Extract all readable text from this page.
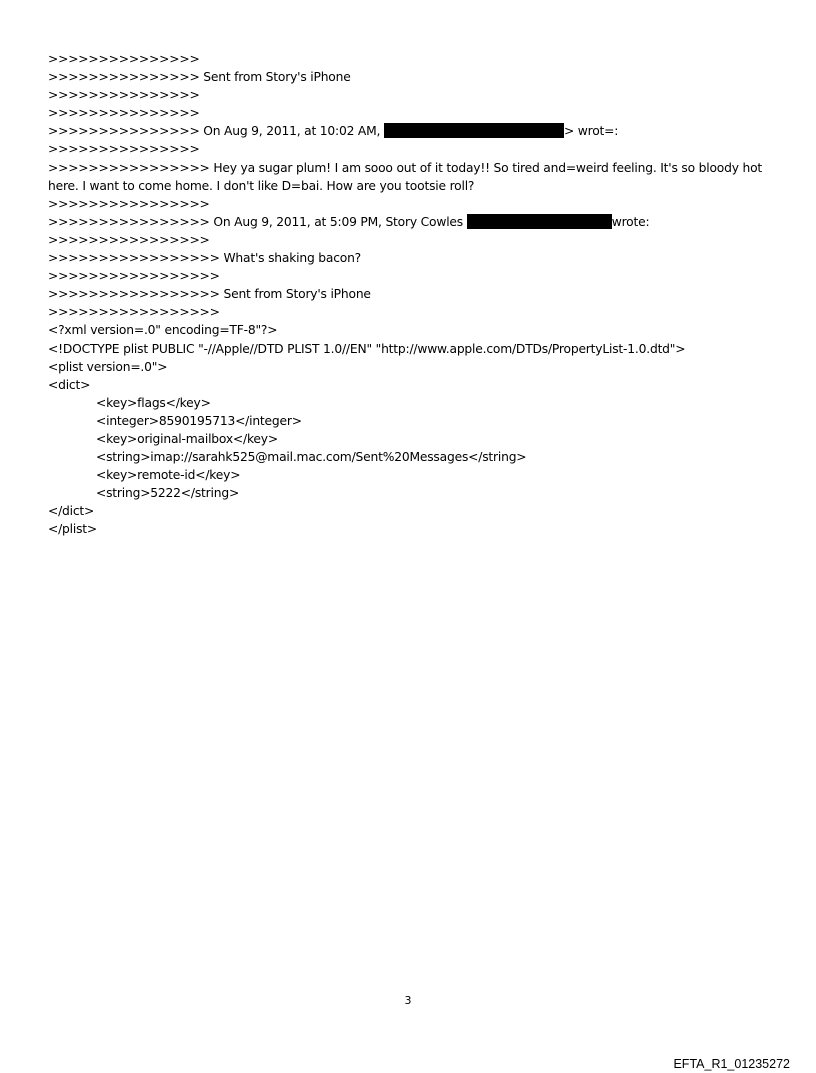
>>>>>>>>>>>>>>>
>>>>>>>>>>>>>>> Sent from Story's iPhone
>>>>>>>>>>>>>>>
>>>>>>>>>>>>>>>
>>>>>>>>>>>>>>> On Aug 9, 2011, at 10:02 AM,	> wrot=:
>>>>>>>>>>>>>>>
>>>>>>>>>>>>>>>> Hey ya sugar plum! I am sooo out of it today!! So tired and=weird feeling. It's so bloody hot here. I want to come home. I don't like D=bai. How are you tootsie roll?
>>>>>>>>>>>>>>>>
>>>>>>>>>>>>>>>> On Aug 9, 2011, at 5:09 PM, Story Cowles	wrote:
>>>>>>>>>>>>>>>>
>>>>>>>>>>>>>>>>> What's shaking bacon?
>>>>>>>>>>>>>>>>>
>>>>>>>>>>>>>>>>> Sent from Story's iPhone
>>>>>>>>>>>>>>>>>
<?xml version=.0" encoding=TF-8"?>
<!DOCTYPE plist PUBLIC "-//Apple//DTD PLIST 1.0//EN" "http://www.apple.com/DTDs/PropertyList-1.0.dtd">
<plist version=.0">
<dict>
<key>flags</key>
<integer>8590195713</integer>
<key>original-mailbox</key>
<string>imap://sarahk525@mail.mac.com/Sent%20Messages</string>
<key>remote-id</key>
<string>5222</string>
</dict>
</plist>
3
EFTA_R1_01235272
